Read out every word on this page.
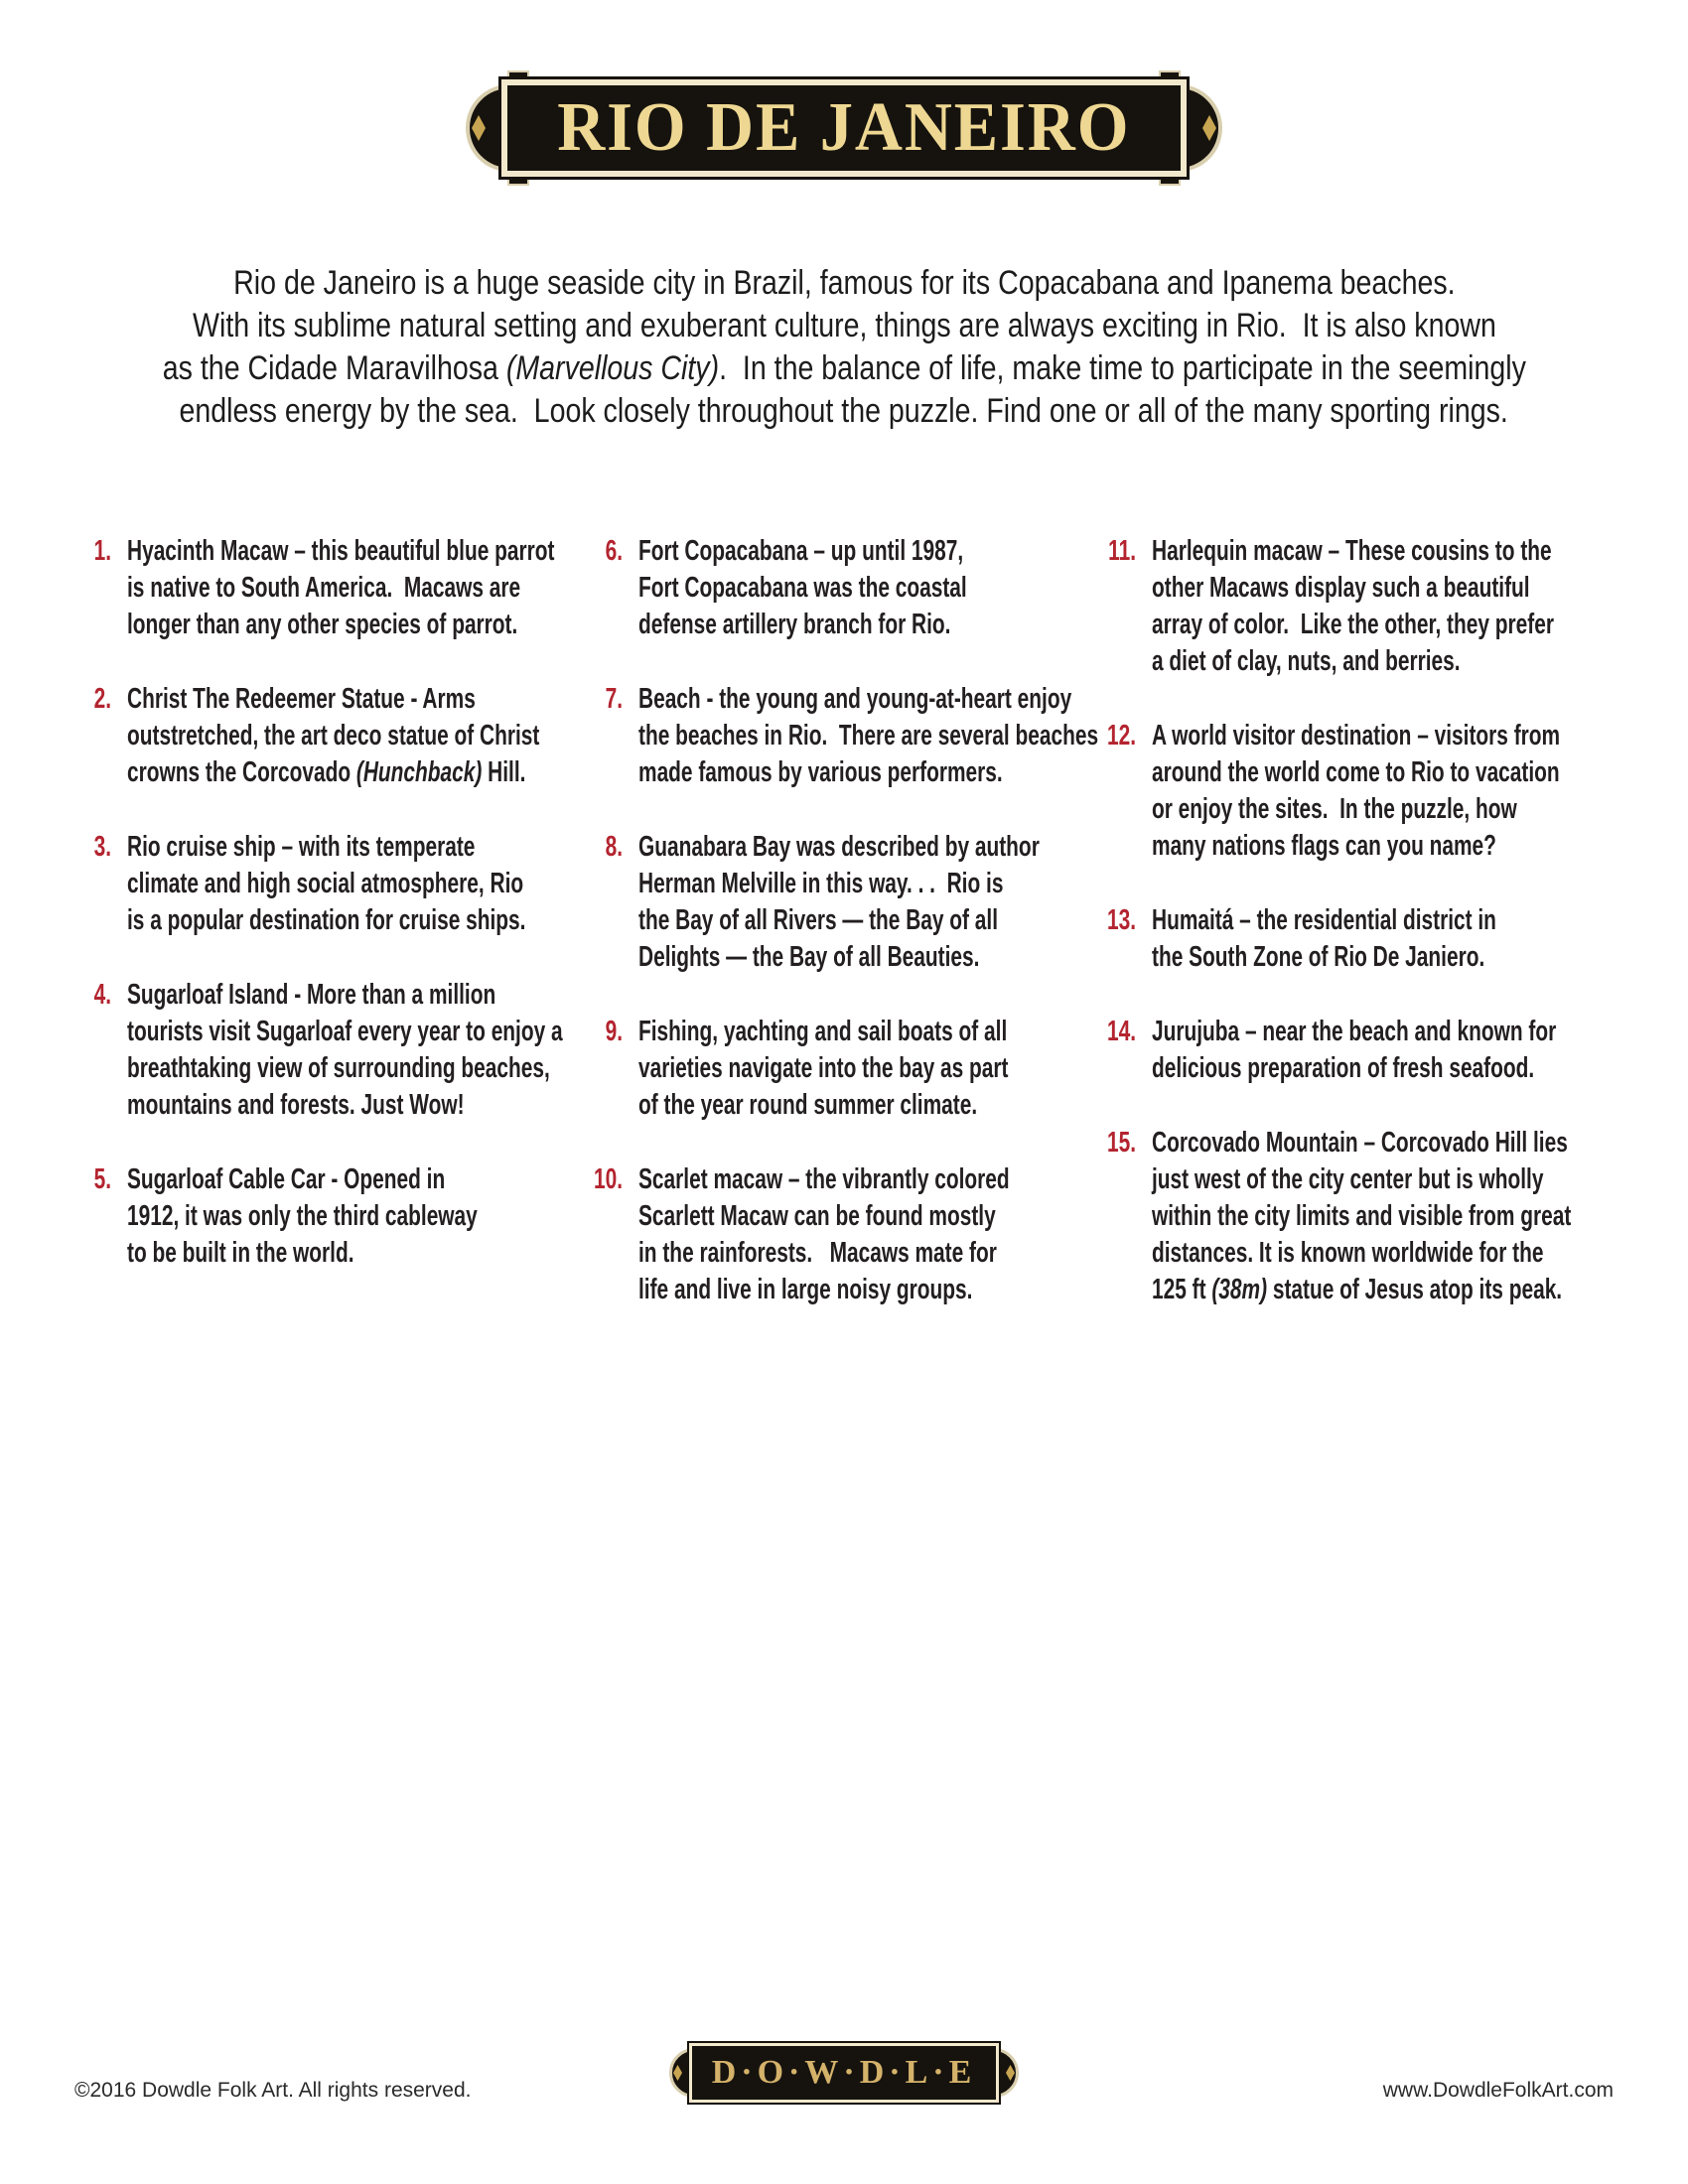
RIO DE JANEIRO
Rio de Janeiro is a huge seaside city in Brazil, famous for its Copacabana and Ipanema beaches.
With its sublime natural setting and exuberant culture, things are always exciting in Rio.  It is also known
as the Cidade Maravilhosa (Marvellous City).  In the balance of life, make time to participate in the seemingly
endless energy by the sea.  Look closely throughout the puzzle. Find one or all of the many sporting rings.
1. Hyacinth Macaw – this beautiful blue parrot
is native to South America.  Macaws are
longer than any other species of parrot.
2. Christ The Redeemer Statue - Arms
outstretched, the art deco statue of Christ
crowns the Corcovado (Hunchback) Hill.
3. Rio cruise ship – with its temperate
climate and high social atmosphere, Rio
is a popular destination for cruise ships.
4. Sugarloaf Island - More than a million
tourists visit Sugarloaf every year to enjoy a
breathtaking view of surrounding beaches,
mountains and forests. Just Wow!
5. Sugarloaf Cable Car - Opened in
1912, it was only the third cableway
to be built in the world.
6. Fort Copacabana – up until 1987,
Fort Copacabana was the coastal
defense artillery branch for Rio.
7. Beach - the young and young-at-heart enjoy
the beaches in Rio.  There are several beaches
made famous by various performers.
8. Guanabara Bay was described by author
Herman Melville in this way. . .  Rio is
the Bay of all Rivers — the Bay of all
Delights — the Bay of all Beauties.
9. Fishing, yachting and sail boats of all
varieties navigate into the bay as part
of the year round summer climate.
10. Scarlet macaw – the vibrantly colored
Scarlett Macaw can be found mostly
in the rainforests.   Macaws mate for
life and live in large noisy groups.
11. Harlequin macaw – These cousins to the
other Macaws display such a beautiful
array of color.  Like the other, they prefer
a diet of clay, nuts, and berries.
12. A world visitor destination – visitors from
around the world come to Rio to vacation
or enjoy the sites.  In the puzzle, how
many nations flags can you name?
13. Humaitá – the residential district in
the South Zone of Rio De Janiero.
14. Jurujuba – near the beach and known for
delicious preparation of fresh seafood.
15. Corcovado Mountain – Corcovado Hill lies
just west of the city center but is wholly
within the city limits and visible from great
distances. It is known worldwide for the
125 ft (38m) statue of Jesus atop its peak.
©2016 Dowdle Folk Art. All rights reserved.	D·O·W·D·L·E	www.DowdleFolkArt.com
